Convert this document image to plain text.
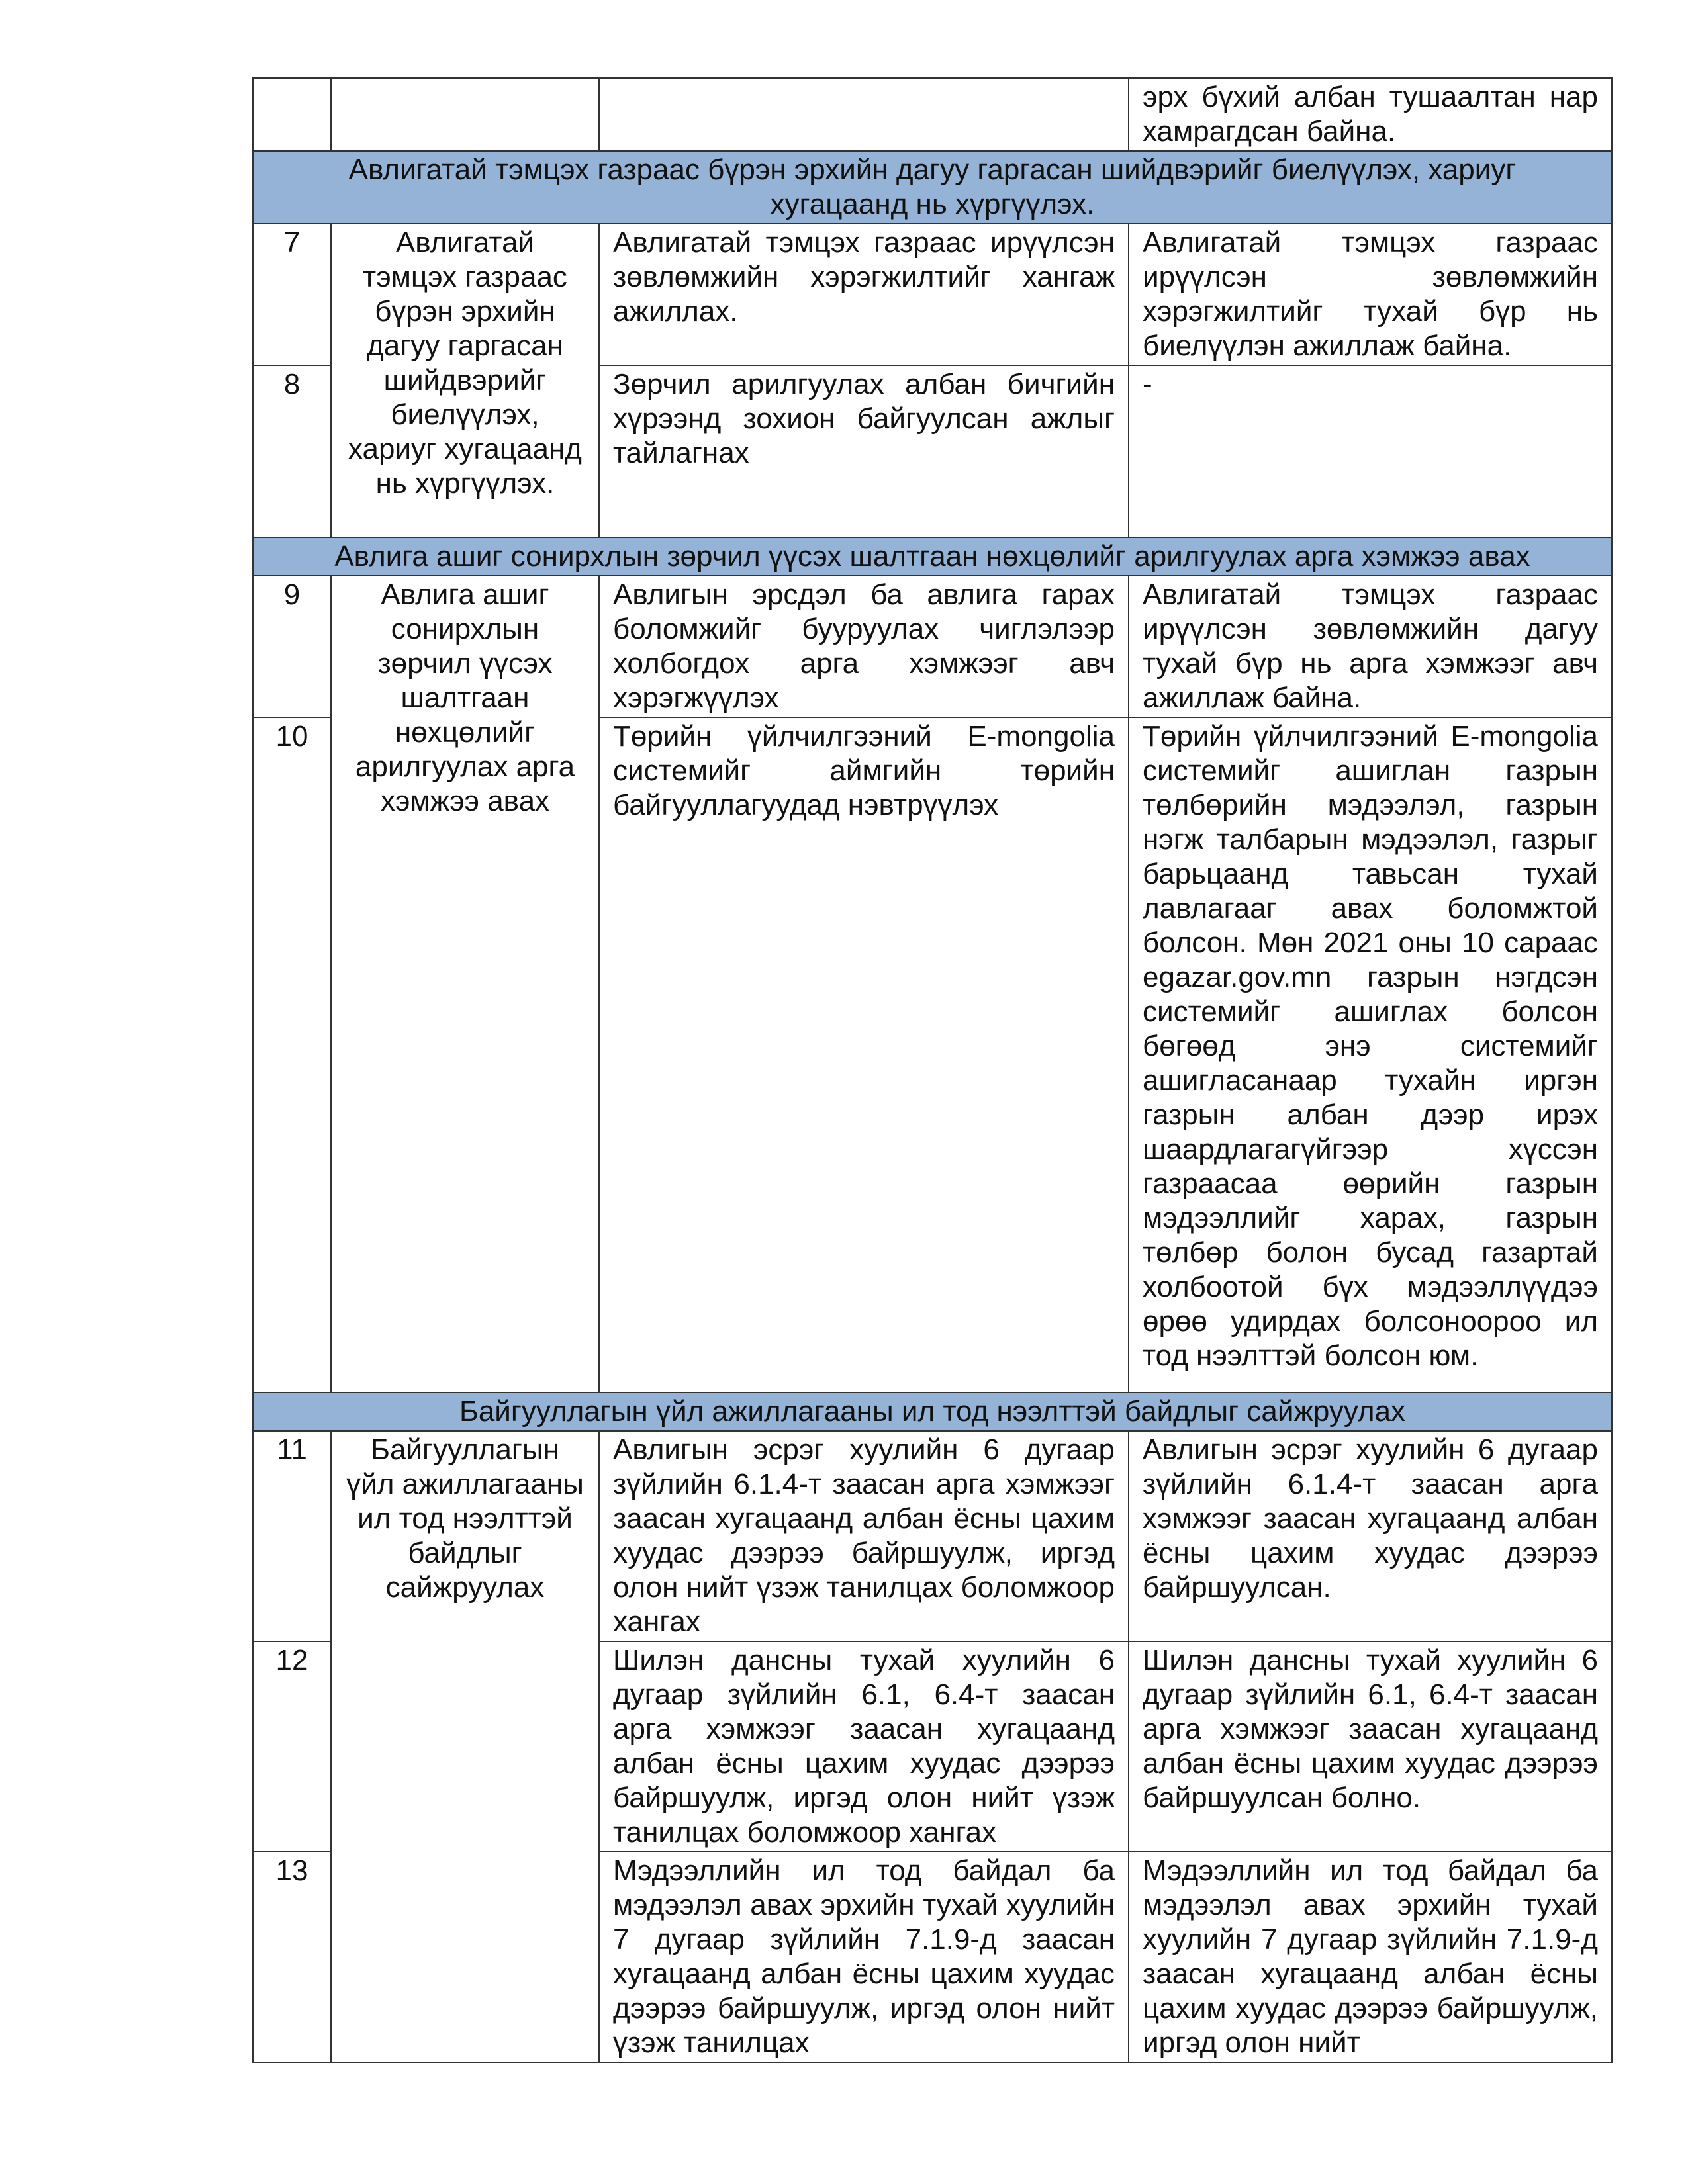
			эрх бүхий албан тушаалтан нар хамрагдсан байна.
Авлигатай тэмцэх газраас бүрэн эрхийн дагуу гаргасан шийдвэрийг биелүүлэх, хариуг хугацаанд нь хүргүүлэх.			
7	Авлигатай тэмцэх газраас бүрэн эрхийн дагуу гаргасан шийдвэрийг биелүүлэх, хариуг хугацаанд нь хүргүүлэх.	Авлигатай тэмцэх газраас ирүүлсэн зөвлөмжийн хэрэгжилтийг хангаж ажиллах.	Авлигатай тэмцэх газраас ирүүлсэн зөвлөмжийн хэрэгжилтийг тухай бүр нь биелүүлэн ажиллаж байна.
8		Зөрчил арилгуулах албан бичгийн хүрээнд зохион байгуулсан ажлыг тайлагнах	-
Авлига ашиг сонирхлын зөрчил үүсэх шалтгаан нөхцөлийг арилгуулах арга хэмжээ авах			
9	Авлига ашиг сонирхлын зөрчил үүсэх шалтгаан нөхцөлийг арилгуулах арга хэмжээ авах	Авлигын эрсдэл ба авлига гарах боломжийг бууруулах чиглэлээр холбогдох арга хэмжээг авч хэрэгжүүлэх	Авлигатай тэмцэх газраас ирүүлсэн зөвлөмжийн дагуу тухай бүр нь арга хэмжээг авч ажиллаж байна.
10		Төрийн үйлчилгээний E-mongolia системийг аймгийн төрийн байгууллагуудад нэвтрүүлэх	Төрийн үйлчилгээний E-mongolia системийг ашиглан газрын төлбөрийн мэдээлэл, газрын нэгж талбарын мэдээлэл, газрыг барьцаанд тавьсан тухай лавлагааг авах боломжтой болсон. Мөн 2021 оны 10 сараас egazar.gov.mn газрын нэгдсэн системийг ашиглах болсон бөгөөд энэ системийг ашигласанаар тухайн иргэн газрын албан дээр ирэх шаардлагагүйгээр хүссэн газраасаа өөрийн газрын мэдээллийг харах, газрын төлбөр болон бусад газартай холбоотой бүх мэдээллүүдээ өрөө удирдах болсоноороо ил тод нээлттэй болсон юм.
Байгууллагын үйл ажиллагааны ил тод нээлттэй байдлыг сайжруулах			
11	Байгууллагын үйл ажиллагааны ил тод нээлттэй байдлыг сайжруулах	Авлигын эсрэг хуулийн 6 дугаар зүйлийн 6.1.4-т заасан арга хэмжээг заасан хугацаанд албан ёсны цахим хуудас дээрээ байршуулж, иргэд олон нийт үзэж танилцах боломжоор хангах	Авлигын эсрэг хуулийн 6 дугаар зүйлийн 6.1.4-т заасан арга хэмжээг заасан хугацаанд албан ёсны цахим хуудас дээрээ байршуулсан.
12		Шилэн дансны тухай хуулийн 6 дугаар зүйлийн 6.1, 6.4-т заасан арга хэмжээг заасан хугацаанд албан ёсны цахим хуудас дээрээ байршуулж, иргэд олон нийт үзэж танилцах боломжоор хангах	Шилэн дансны тухай хуулийн 6 дугаар зүйлийн 6.1, 6.4-т заасан арга хэмжээг заасан хугацаанд албан ёсны цахим хуудас дээрээ байршуулсан болно.
13		Мэдээллийн ил тод байдал ба мэдээлэл авах эрхийн тухай хуулийн 7 дугаар зүйлийн 7.1.9-д заасан хугацаанд албан ёсны цахим хуудас дээрээ байршуулж, иргэд олон нийт үзэж танилцах	Мэдээллийн ил тод байдал ба мэдээлэл авах эрхийн тухай хуулийн 7 дугаар зүйлийн 7.1.9-д заасан хугацаанд албан ёсны цахим хуудас дээрээ байршуулж, иргэд олон нийт
